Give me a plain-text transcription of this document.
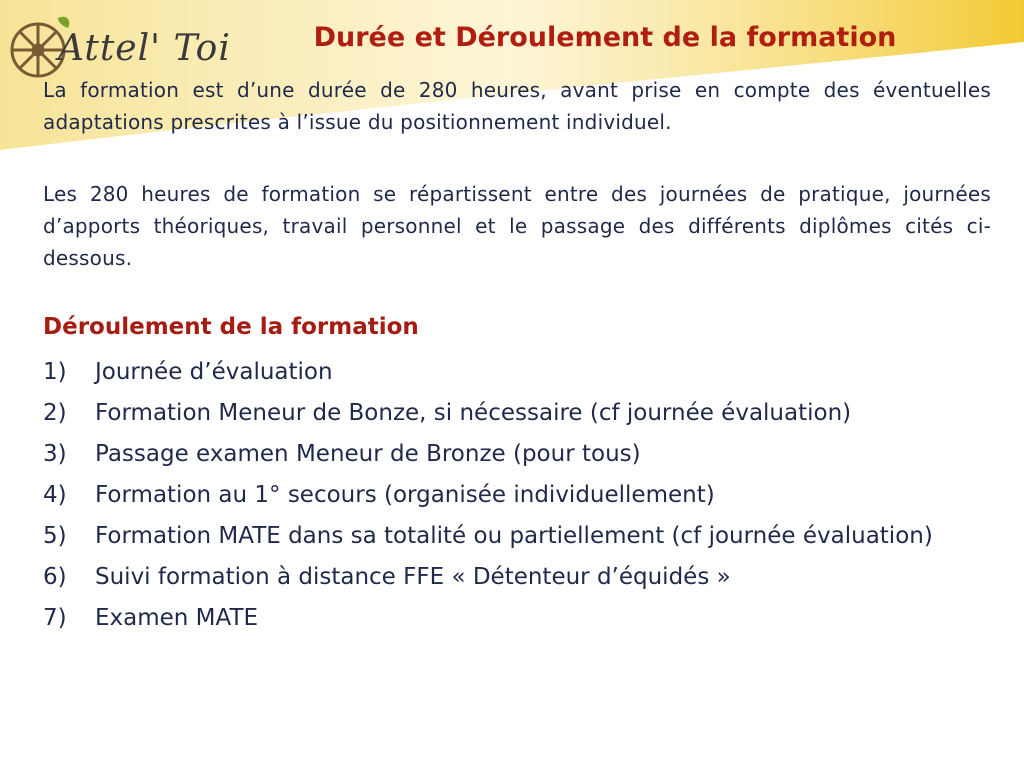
Attel' Toi	Durée et Déroulement de la formation
La formation est d’une durée de 280 heures, avant prise en compte des éventuelles adaptations prescrites à l’issue du positionnement individuel.
Les 280 heures de formation se répartissent entre des journées de pratique, journées d’apports théoriques, travail personnel et le passage des différents diplômes cités ci-dessous.
Déroulement de la formation
1) Journée d’évaluation
2) Formation Meneur de Bonze, si nécessaire (cf journée évaluation)
3) Passage examen Meneur de Bronze (pour tous)
4) Formation au 1° secours (organisée individuellement)
5) Formation MATE dans sa totalité ou partiellement (cf journée évaluation)
6) Suivi formation à distance FFE « Détenteur d’équidés »
7) Examen MATE
